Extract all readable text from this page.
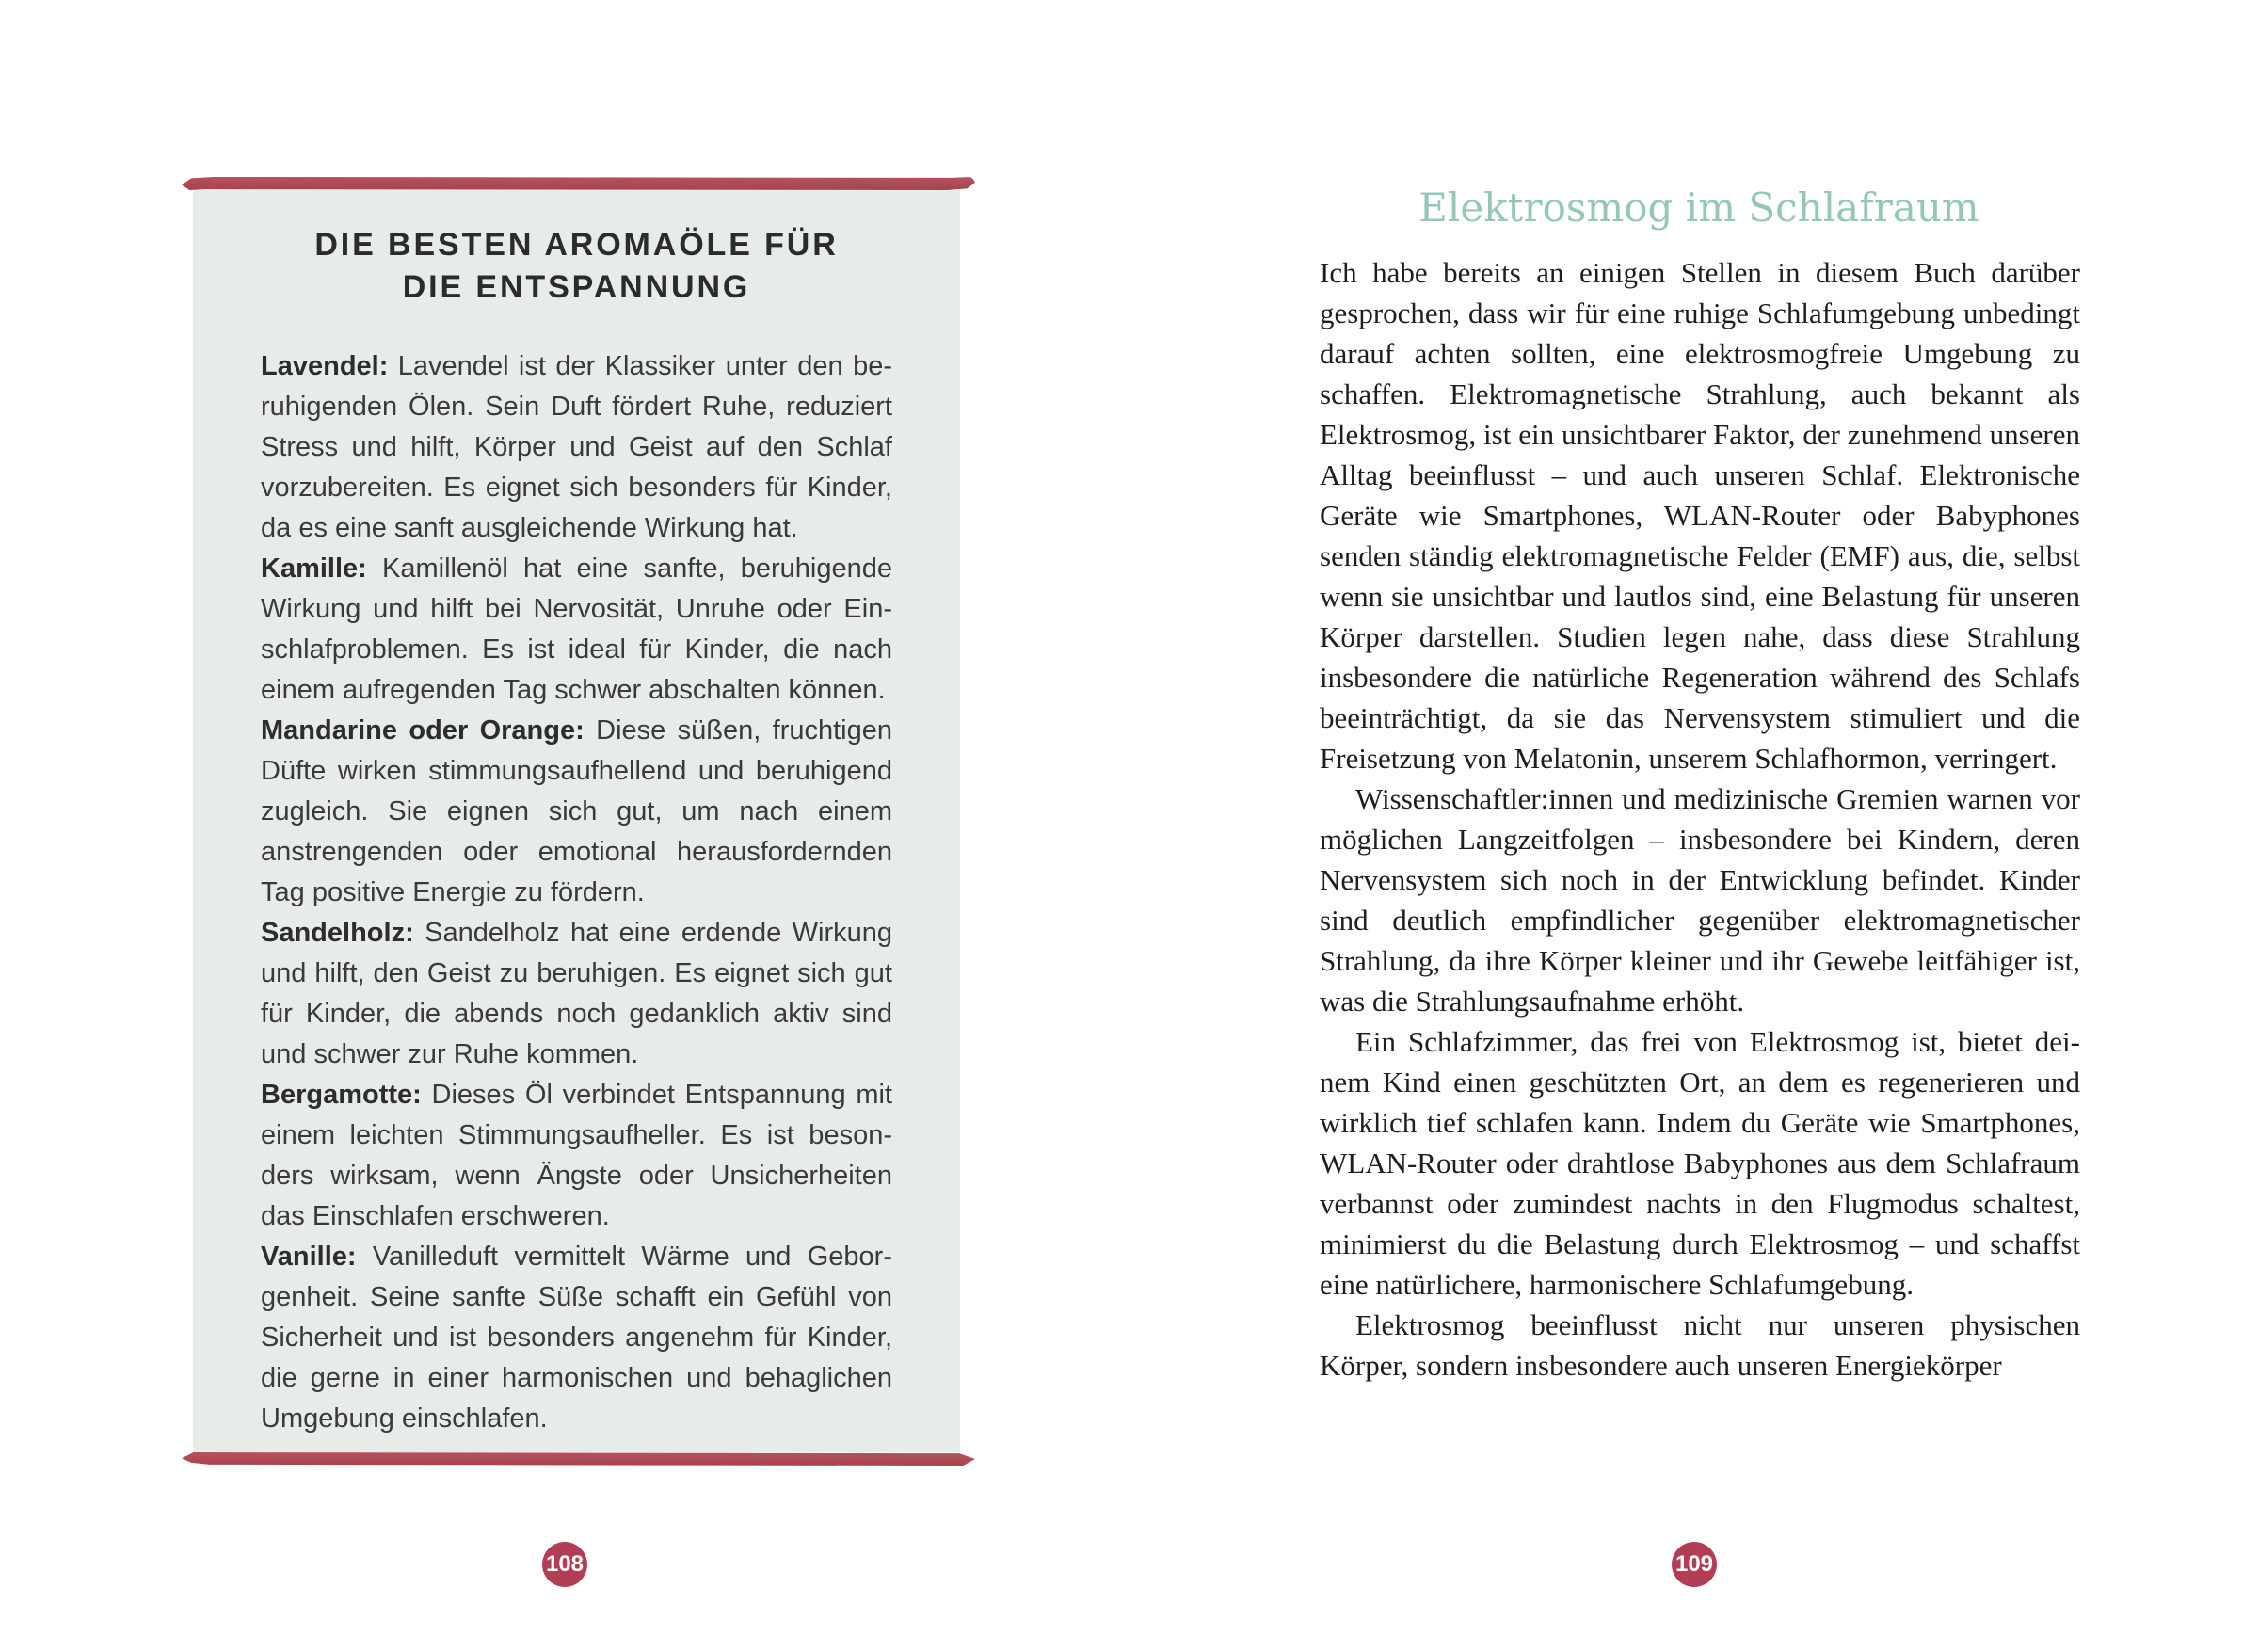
DIE BESTEN AROMAÖLE FÜR
DIE ENTSPANNUNG

Lavendel: Lavendel ist der Klassiker unter den beruhigenden Ölen. Sein Duft fördert Ruhe, reduziert Stress und hilft, Körper und Geist auf den Schlaf vorzubereiten. Es eignet sich besonders für Kinder, da es eine sanft ausgleichende Wirkung hat.

Kamille: Kamillenöl hat eine sanfte, beruhigende Wirkung und hilft bei Nervosität, Unruhe oder Einschlafproblemen. Es ist ideal für Kinder, die nach einem aufregenden Tag schwer abschalten können.

Mandarine oder Orange: Diese süßen, fruchtigen Düfte wirken stimmungsaufhellend und beruhigend zugleich. Sie eignen sich gut, um nach einem anstrengenden oder emotional herausfordernden Tag positive Energie zu fördern.

Sandelholz: Sandelholz hat eine erdende Wirkung und hilft, den Geist zu beruhigen. Es eignet sich gut für Kinder, die abends noch gedanklich aktiv sind und schwer zur Ruhe kommen.

Bergamotte: Dieses Öl verbindet Entspannung mit einem leichten Stimmungsaufheller. Es ist besonders wirksam, wenn Ängste oder Unsicherheiten das Einschlafen erschweren.

Vanille: Vanilleduft vermittelt Wärme und Geborgenheit. Seine sanfte Süße schafft ein Gefühl von Sicherheit und ist besonders angenehm für Kinder, die gerne in einer harmonischen und behaglichen Umgebung einschlafen.

108
Elektrosmog im Schlafraum

Ich habe bereits an einigen Stellen in diesem Buch darüber gesprochen, dass wir für eine ruhige Schlafumgebung unbedingt darauf achten sollten, eine elektrosmogfreie Umgebung zu schaffen. Elektromagnetische Strahlung, auch bekannt als Elektrosmog, ist ein unsichtbarer Faktor, der zunehmend unseren Alltag beeinflusst – und auch unseren Schlaf. Elektronische Geräte wie Smartphones, WLAN-Router oder Babyphones senden ständig elektromagnetische Felder (EMF) aus, die, selbst wenn sie unsichtbar und lautlos sind, eine Belastung für unseren Körper darstellen. Studien legen nahe, dass diese Strahlung insbesondere die natürliche Regeneration während des Schlafs beeinträchtigt, da sie das Nervensystem stimuliert und die Freisetzung von Melatonin, unserem Schlafhormon, verringert.

Wissenschaftler:innen und medizinische Gremien warnen vor möglichen Langzeitfolgen – insbesondere bei Kindern, deren Nervensystem sich noch in der Entwicklung befindet. Kinder sind deutlich empfindlicher gegenüber elektromagnetischer Strahlung, da ihre Körper kleiner und ihr Gewebe leitfähiger ist, was die Strahlungsaufnahme erhöht.

Ein Schlafzimmer, das frei von Elektrosmog ist, bietet deinem Kind einen geschützten Ort, an dem es regenerieren und wirklich tief schlafen kann. Indem du Geräte wie Smartphones, WLAN-Router oder drahtlose Babyphones aus dem Schlafraum verbannst oder zumindest nachts in den Flugmodus schaltest, minimierst du die Belastung durch Elektrosmog – und schaffst eine natürlichere, harmonischere Schlafumgebung.

Elektrosmog beeinflusst nicht nur unseren physischen Körper, sondern insbesondere auch unseren Energiekörper

109
